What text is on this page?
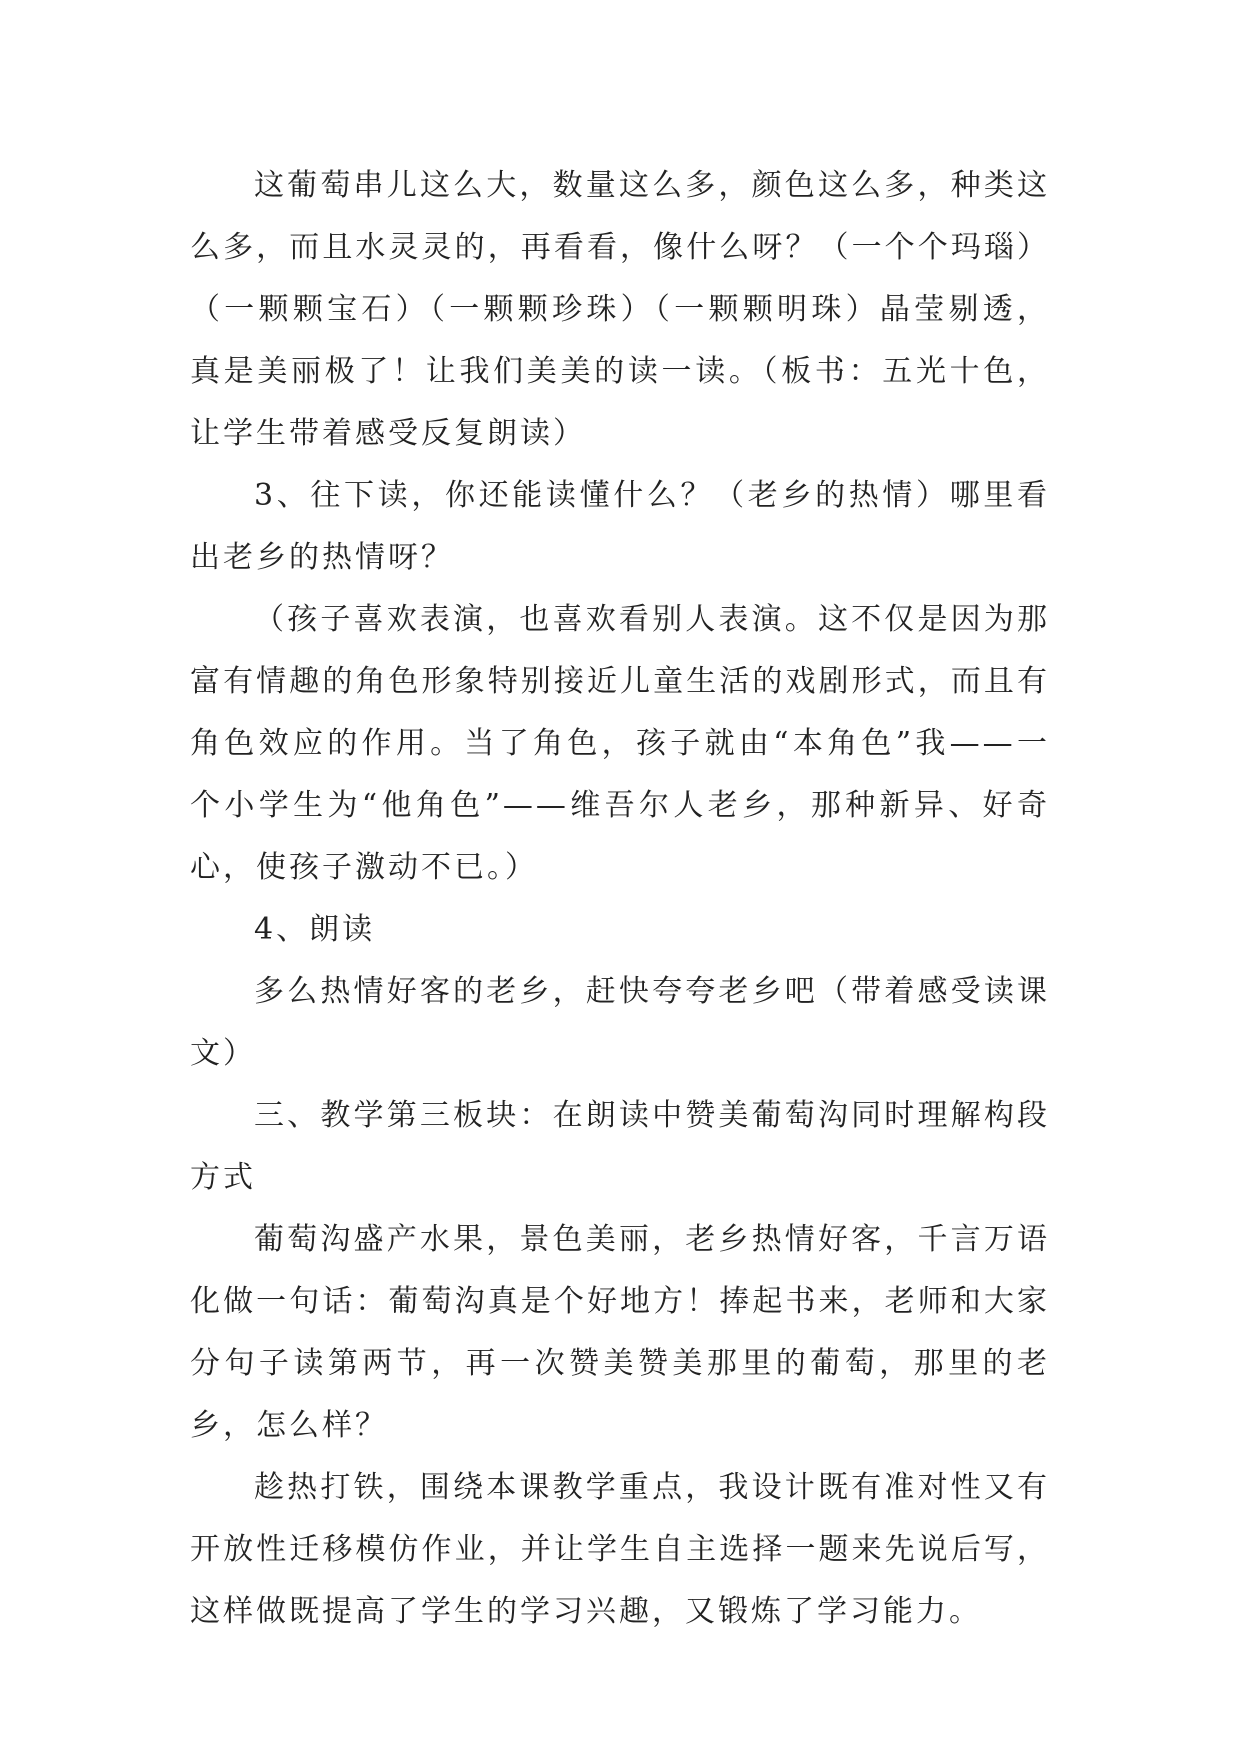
这葡萄串儿这么大，数量这么多，颜色这么多，种类这么多，而且水灵灵的，再看看，像什么呀？（一个个玛瑙）（一颗颗宝石）（一颗颗珍珠）（一颗颗明珠）晶莹剔透，真是美丽极了！让我们美美的读一读。（板书：五光十色，让学生带着感受反复朗读）

3、往下读，你还能读懂什么？（老乡的热情）哪里看出老乡的热情呀？

（孩子喜欢表演，也喜欢看别人表演。这不仅是因为那富有情趣的角色形象特别接近儿童生活的戏剧形式，而且有角色效应的作用。当了角色，孩子就由“本角色”我——一个小学生为“他角色”——维吾尔人老乡，那种新异、好奇心，使孩子激动不已。）

4、朗读

多么热情好客的老乡，赶快夸夸老乡吧（带着感受读课文）

三、教学第三板块：在朗读中赞美葡萄沟同时理解构段方式

葡萄沟盛产水果，景色美丽，老乡热情好客，千言万语化做一句话：葡萄沟真是个好地方！捧起书来，老师和大家分句子读第两节，再一次赞美赞美那里的葡萄，那里的老乡，怎么样？

趁热打铁，围绕本课教学重点，我设计既有准对性又有开放性迁移模仿作业，并让学生自主选择一题来先说后写，这样做既提高了学生的学习兴趣，又锻炼了学习能力。
